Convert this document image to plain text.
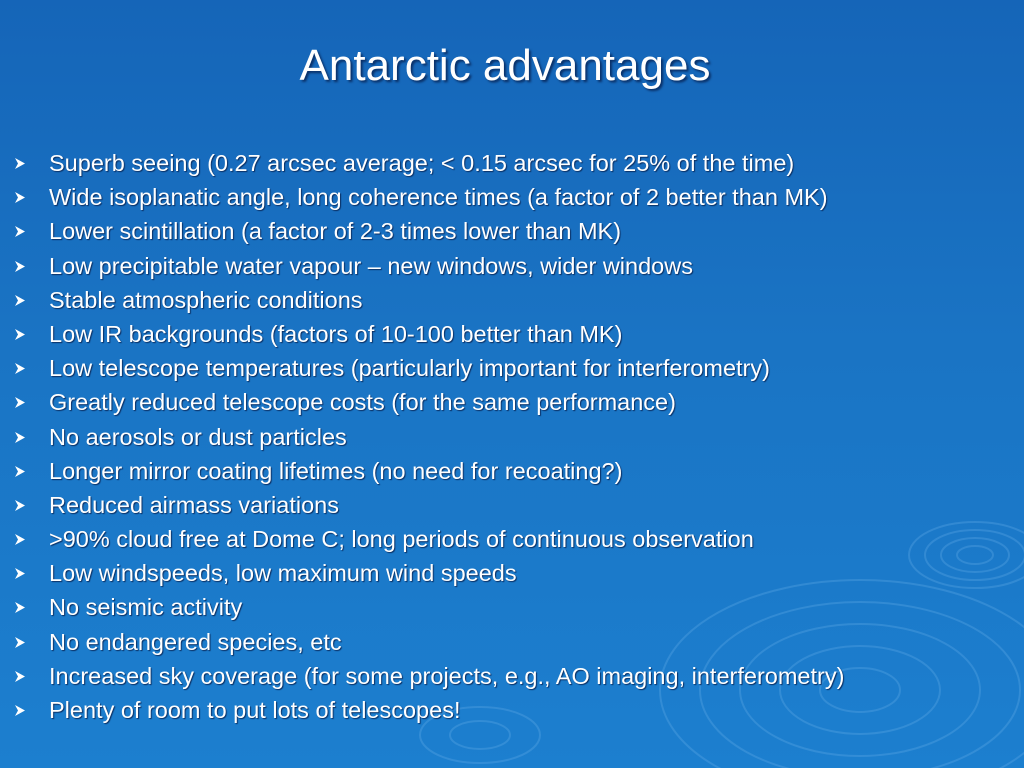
Antarctic advantages
Superb seeing (0.27 arcsec average; < 0.15 arcsec for 25% of the time)
Wide isoplanatic angle, long coherence times (a factor of 2 better than MK)
Lower scintillation (a factor of 2-3 times lower than MK)
Low precipitable water vapour – new windows, wider windows
Stable atmospheric conditions
Low IR backgrounds (factors of 10-100 better than MK)
Low telescope temperatures (particularly important for interferometry)
Greatly reduced telescope costs (for the same performance)
No aerosols or dust particles
Longer mirror coating lifetimes (no need for recoating?)
Reduced airmass variations
>90% cloud free at Dome C; long periods of continuous observation
Low windspeeds, low maximum wind speeds
No seismic activity
No endangered species, etc
Increased sky coverage (for some projects, e.g., AO imaging, interferometry)
Plenty of room to put lots of telescopes!
